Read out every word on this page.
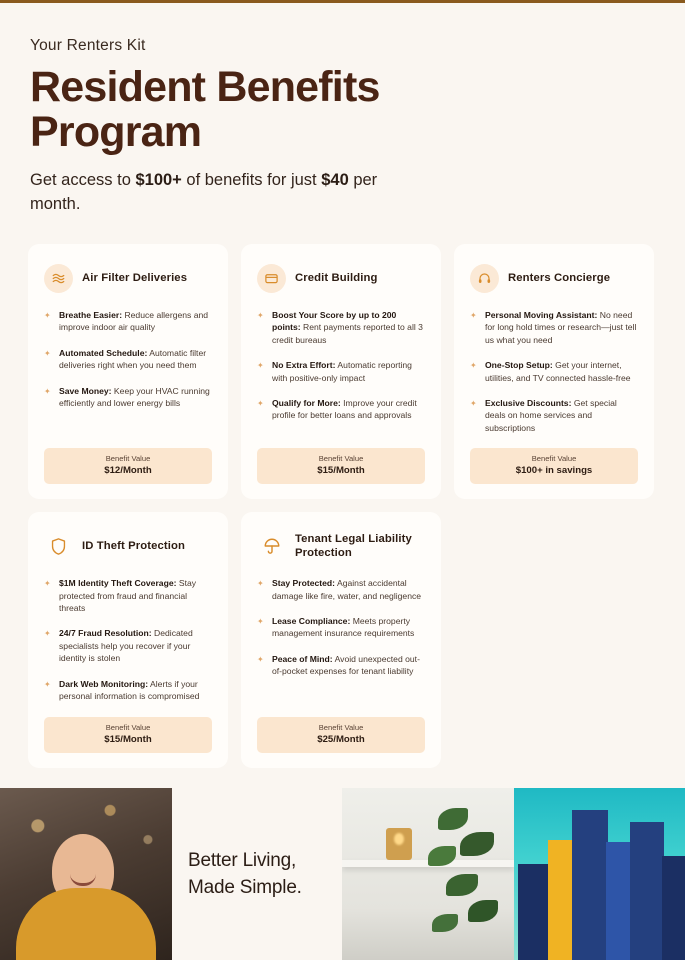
Your Renters Kit
Resident Benefits Program

Get access to $100+ of benefits for just $40 per month.

Air Filter Deliveries
✦ Breathe Easier: Reduce allergens and improve indoor air quality
✦ Automated Schedule: Automatic filter deliveries right when you need them
✦ Save Money: Keep your HVAC running efficiently and lower energy bills
Benefit Value
$12/Month
Credit Building
✦ Boost Your Score by up to 200 points: Rent payments reported to all 3 credit bureaus
✦ No Extra Effort: Automatic reporting with positive-only impact
✦ Qualify for More: Improve your credit profile for better loans and approvals
Benefit Value
$15/Month
Renters Concierge
✦ Personal Moving Assistant: No need for long hold times or research—just tell us what you need
✦ One-Stop Setup: Get your internet, utilities, and TV connected hassle-free
✦ Exclusive Discounts: Get special deals on home services and subscriptions
Benefit Value
$100+ in savings
ID Theft Protection
✦ $1M Identity Theft Coverage: Stay protected from fraud and financial threats
✦ 24/7 Fraud Resolution: Dedicated specialists help you recover if your identity is stolen
✦ Dark Web Monitoring: Alerts if your personal information is compromised
Benefit Value
$15/Month
Tenant Legal Liability Protection
✦ Stay Protected: Against accidental damage like fire, water, and negligence
✦ Lease Compliance: Meets property management insurance requirements
✦ Peace of Mind: Avoid unexpected out-of-pocket expenses for tenant liability
Benefit Value
$25/Month
Better Living,
Made Simple.
